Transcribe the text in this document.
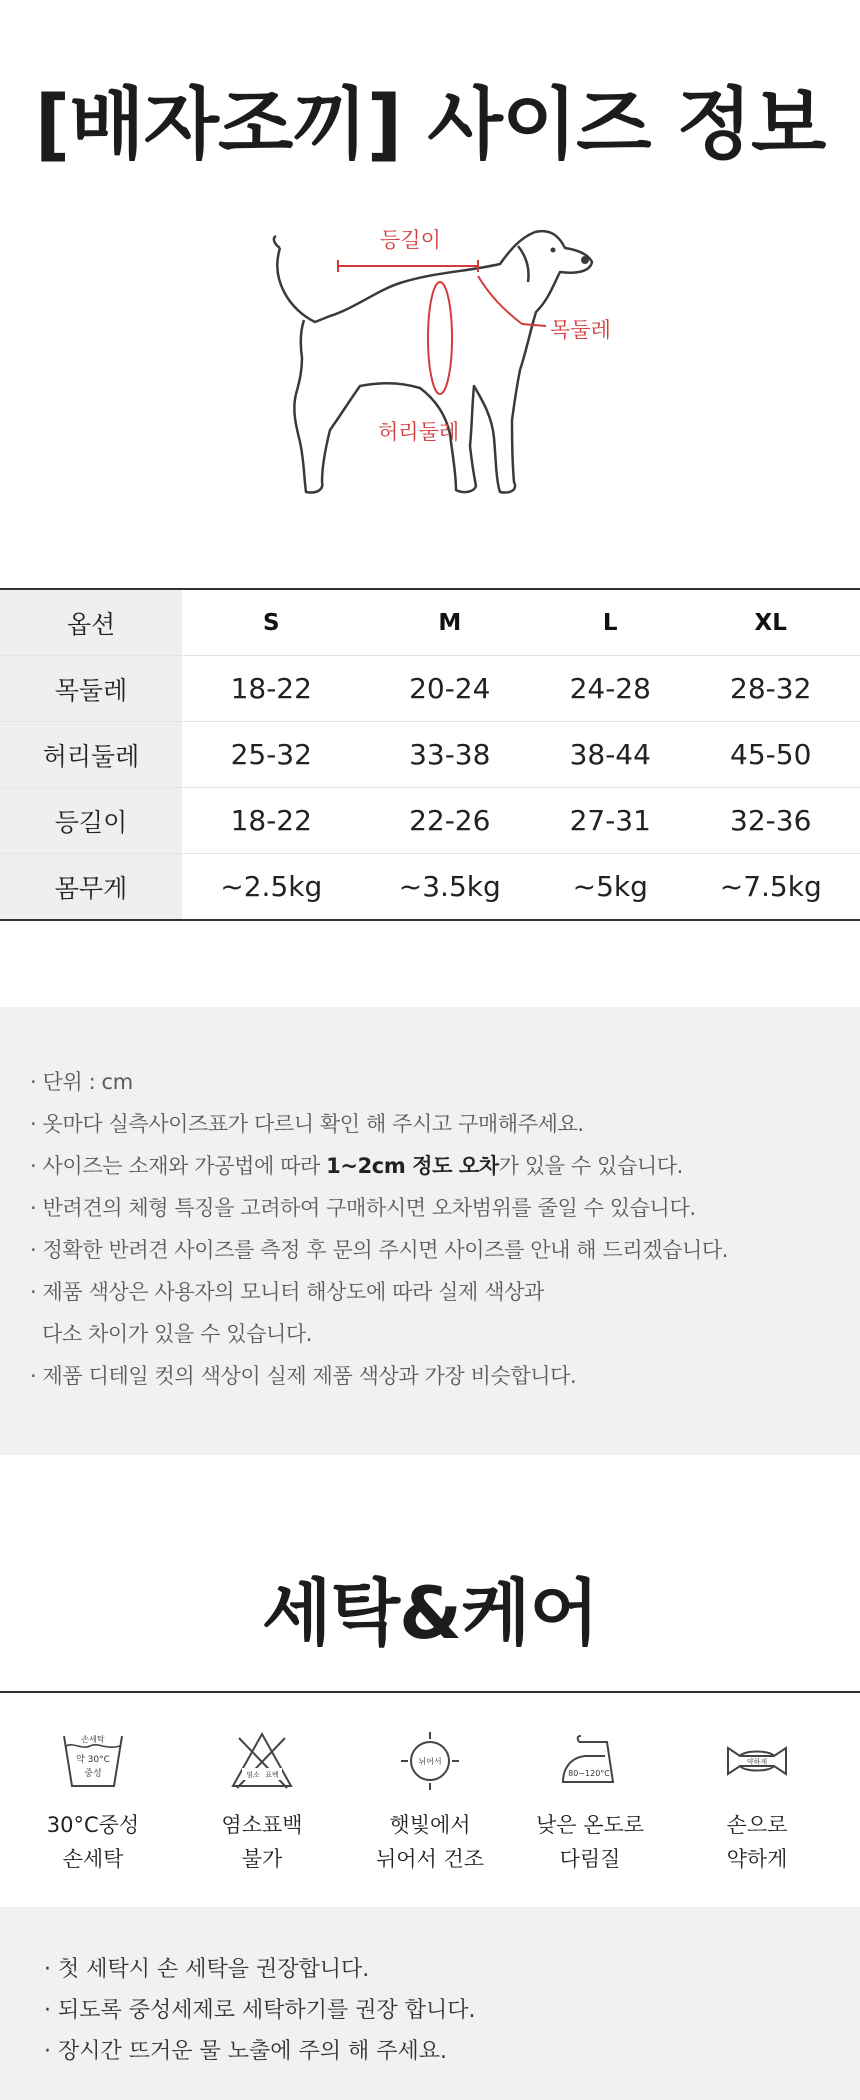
[배자조끼] 사이즈 정보
등길이
목둘레
허리둘레
옵션	S	M	L	XL
목둘레	18-22	20-24	24-28	28-32
허리둘레	25-32	33-38	38-44	45-50
등길이	18-22	22-26	27-31	32-36
몸무게	~2.5kg	~3.5kg	~5kg	~7.5kg
· 단위 : cm
· 옷마다 실측사이즈표가 다르니 확인 해 주시고 구매해주세요.
· 사이즈는 소재와 가공법에 따라 1~2cm 정도 오차가 있을 수 있습니다.
· 반려견의 체형 특징을 고려하여 구매하시면 오차범위를 줄일 수 있습니다.
· 정확한 반려견 사이즈를 측정 후 문의 주시면 사이즈를 안내 해 드리겠습니다.
· 제품 색상은 사용자의 모니터 해상도에 따라 실제 색상과
다소 차이가 있을 수 있습니다.
· 제품 디테일 컷의 색상이 실제 제품 색상과 가장 비슷합니다.
세탁&케어
손세탁
약 30°C
중성
30°C중성
손세탁
염소 표백
염소표백
불가
뉘어서
햇빛에서
뉘어서 건조
80~120°C
낮은 온도로
다림질
약하게
손으로
약하게
· 첫 세탁시 손 세탁을 권장합니다.
· 되도록 중성세제로 세탁하기를 권장 합니다.
· 장시간 뜨거운 물 노출에 주의 해 주세요.
